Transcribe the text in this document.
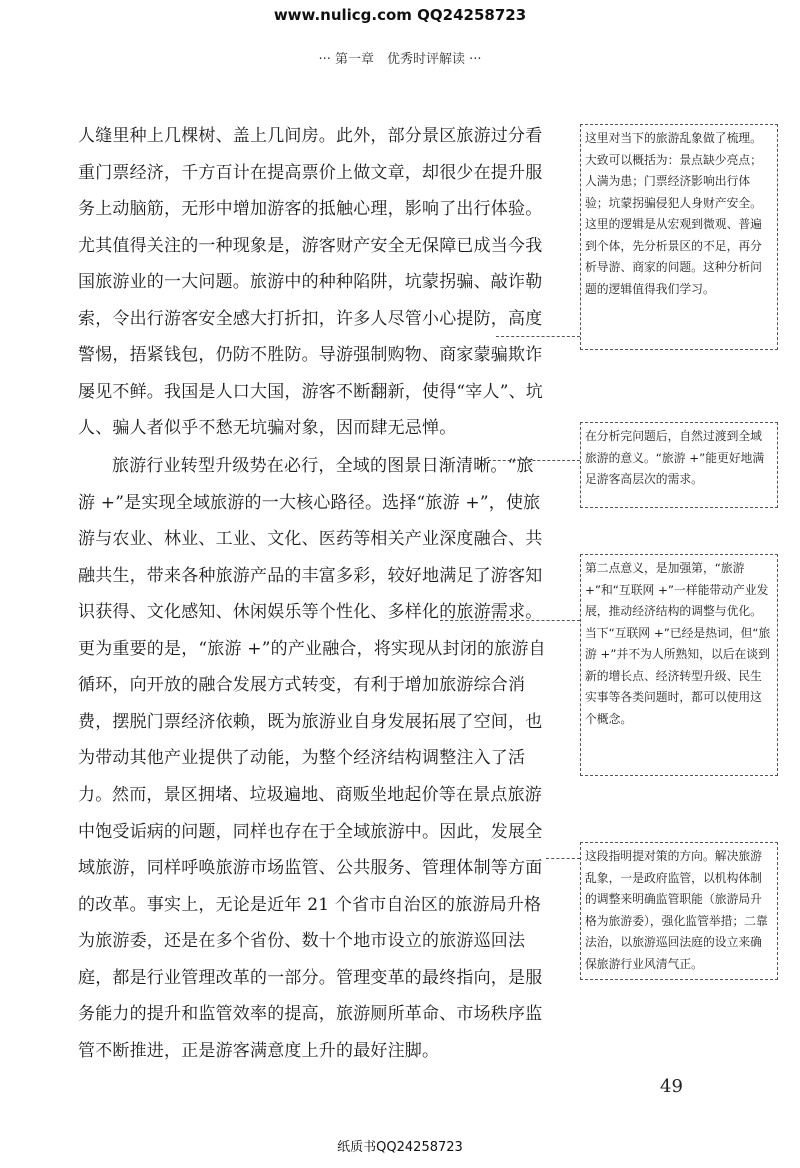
www.nulicg.com QQ24258723
··· 第一章　优秀时评解读 ···

人缝里种上几棵树、盖上几间房。此外，部分景区旅游过分看重门票经济，千方百计在提高票价上做文章，却很少在提升服务上动脑筋，无形中增加游客的抵触心理，影响了出行体验。尤其值得关注的一种现象是，游客财产安全无保障已成当今我国旅游业的一大问题。旅游中的种种陷阱，坑蒙拐骗、敲诈勒索，令出行游客安全感大打折扣，许多人尽管小心提防，高度警惕，捂紧钱包，仍防不胜防。导游强制购物、商家蒙骗欺诈屡见不鲜。我国是人口大国，游客不断翻新，使得“宰人”、坑人、骗人者似乎不愁无坑骗对象，因而肆无忌惮。

旅游行业转型升级势在必行，全域的图景日渐清晰。“旅游 +”是实现全域旅游的一大核心路径。选择“旅游 +”，使旅游与农业、林业、工业、文化、医药等相关产业深度融合、共融共生，带来各种旅游产品的丰富多彩，较好地满足了游客知识获得、文化感知、休闲娱乐等个性化、多样化的旅游需求。更为重要的是，“旅游 +”的产业融合，将实现从封闭的旅游自循环，向开放的融合发展方式转变，有利于增加旅游综合消费，摆脱门票经济依赖，既为旅游业自身发展拓展了空间，也为带动其他产业提供了动能，为整个经济结构调整注入了活力。 然而，景区拥堵、垃圾遍地、商贩坐地起价等在景点旅游中饱受诟病的问题，同样也存在于全域旅游中。因此，发展全域旅游，同样呼唤旅游市场监管、公共服务、管理体制等方面的改革。事实上，无论是近年 21 个省市自治区的旅游局升格为旅游委，还是在多个省份、数十个地市设立的旅游巡回法庭，都是行业管理改革的一部分。管理变革的最终指向，是服务能力的提升和监管效率的提高，旅游厕所革命、市场秩序监管不断推进，正是游客满意度上升的最好注脚。

这里对当下的旅游乱象做了梳理。大致可以概括为：景点缺少亮点；人满为患；门票经济影响出行体验；坑蒙拐骗侵犯人身财产安全。这里的逻辑是从宏观到微观、普遍到个体，先分析景区的不足，再分析导游、商家的问题。这种分析问题的逻辑值得我们学习。
在分析完问题后，自然过渡到全域旅游的意义。“旅游 +”能更好地满足游客高层次的需求。
第二点意义，是加强第，“旅游 +”和“互联网 +”一样能带动产业发展，推动经济结构的调整与优化。当下“互联网 +”已经是热词，但“旅游 +”并不为人所熟知，以后在谈到新的增长点、经济转型升级、民生实事等各类问题时，都可以使用这个概念。
这段指明提对策的方向。解决旅游乱象，一是政府监管，以机构体制的调整来明确监管职能（旅游局升格为旅游委），强化监管举措；二靠法治，以旅游巡回法庭的设立来确保旅游行业风清气正。
49
纸质书QQ24258723
